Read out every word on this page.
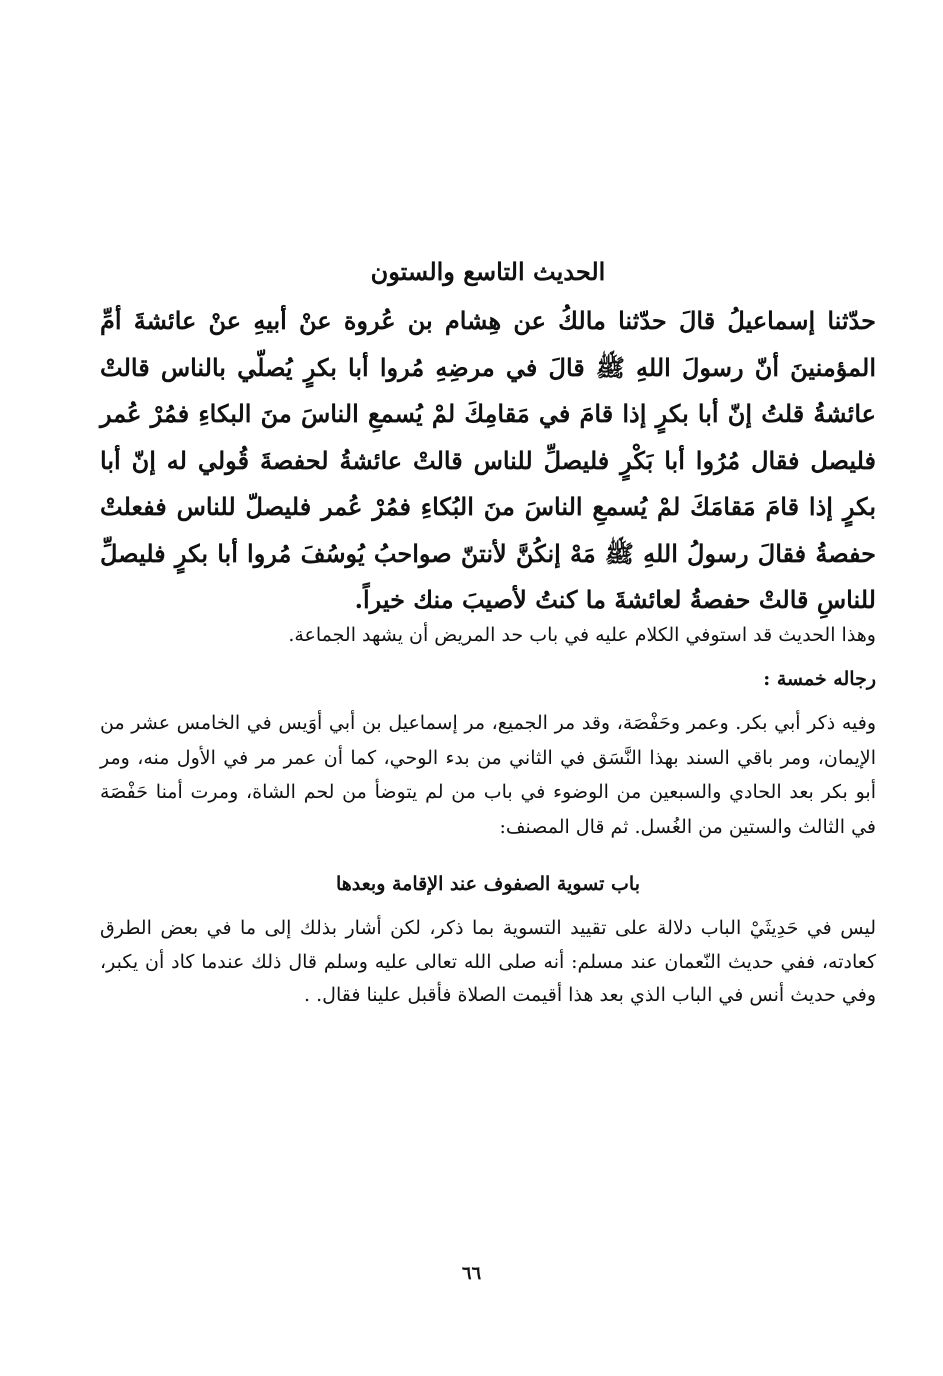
الحديث التاسع والستون

حدّثنا إسماعيلُ قالَ حدّثنا مالكُ عن هِشام بن عُروة عنْ أبيهِ عنْ عائشةَ أمِّ المؤمنينَ أنّ رسولَ اللهِ ﷺ قالَ في مرضِهِ مُروا أبا بكرٍ يُصلّي بالناس قالتْ عائشةُ قلتُ إنّ أبا بكرٍ إذا قامَ في مَقامِكَ لمْ يُسمعِ الناسَ منَ البكاءِ فمُرْ عُمر فليصل فقال مُرُوا أبا بَكْرٍ فليصلِّ للناس قالتْ عائشةُ لحفصةَ قُولي له إنّ أبا بكرٍ إذا قامَ مَقامَكَ لمْ يُسمعِ الناسَ منَ البُكاءِ فمُرْ عُمر فليصلّ للناس ففعلتْ حفصةُ فقالَ رسولُ اللهِ ﷺ مَهْ إنكُنَّ لأنتنّ صواحبُ يُوسُفَ مُروا أبا بكرٍ فليصلِّ للناسِ قالتْ حفصةُ لعائشةَ ما كنتُ لأصيبَ منك خيراً.

وهذا الحديث قد استوفي الكلام عليه في باب حد المريض أن يشهد الجماعة.

رجاله خمسة :

وفيه ذكر أبي بكر. وعمر وحَفْصَة، وقد مر الجميع، مر إسماعيل بن أبي أوَيس في الخامس عشر من الإيمان، ومر باقي السند بهذا النَّسَق في الثاني من بدء الوحي، كما أن عمر مر في الأول منه، ومر أبو بكر بعد الحادي والسبعين من الوضوء في باب من لم يتوضأ من لحم الشاة، ومرت أمنا حَفْصَة في الثالث والستين من الغُسل. ثم قال المصنف:

باب تسوية الصفوف عند الإقامة وبعدها

ليس في حَدِيثَيْ الباب دلالة على تقييد التسوية بما ذكر، لكن أشار بذلك إلى ما في بعض الطرق كعادته، ففي حديث النّعمان عند مسلم: أنه صلى الله تعالى عليه وسلم قال ذلك عندما كاد أن يكبر، وفي حديث أنس في الباب الذي بعد هذا أقيمت الصلاة فأقبل علينا فقال. .

٦٦
